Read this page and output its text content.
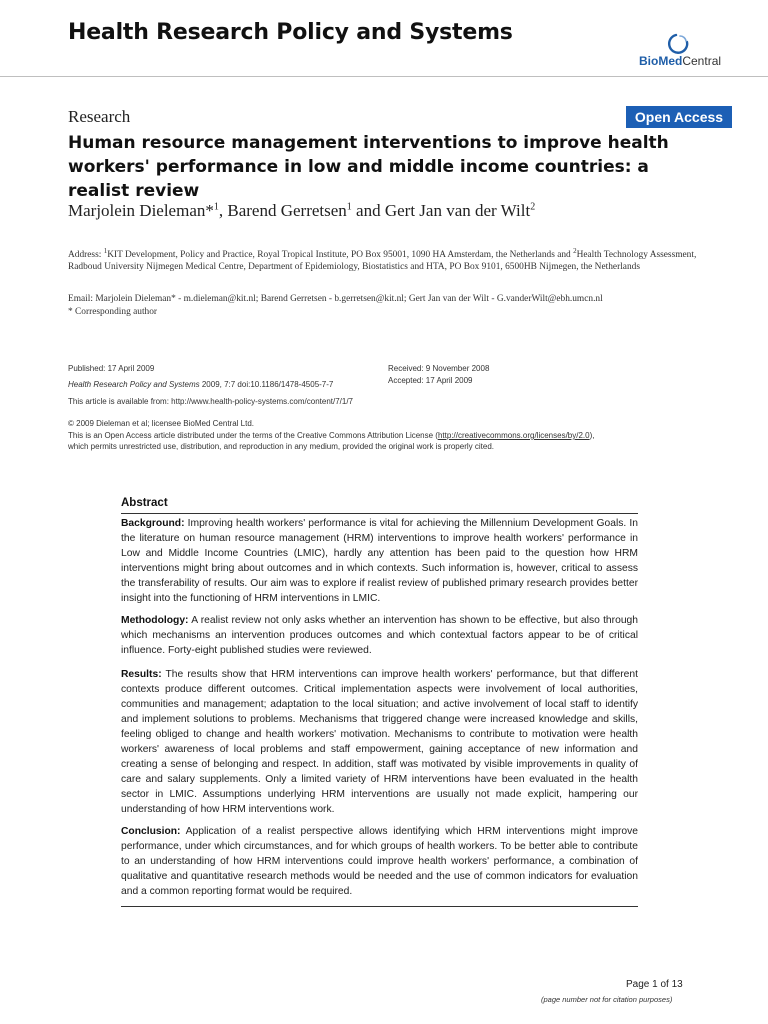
Health Research Policy and Systems
BioMedCentral
Research	Open Access
Human resource management interventions to improve health workers' performance in low and middle income countries: a realist review
Marjolein Dieleman*$^1$, Barend Gerretsen$^1$ and Gert Jan van der Wilt$^2$
Address: $^1$KIT Development, Policy and Practice, Royal Tropical Institute, PO Box 95001, 1090 HA Amsterdam, the Netherlands and $^2$Health Technology Assessment, Radboud University Nijmegen Medical Centre, Department of Epidemiology, Biostatistics and HTA, PO Box 9101, 6500HB Nijmegen, the Netherlands
Email: Marjolein Dieleman* - m.dieleman@kit.nl; Barend Gerretsen - b.gerretsen@kit.nl; Gert Jan van der Wilt - G.vanderWilt@ebh.umcn.nl
* Corresponding author
Published: 17 April 2009
Health Research Policy and Systems 2009, 7:7 doi:10.1186/1478-4505-7-7
Received: 9 November 2008
Accepted: 17 April 2009
This article is available from: http://www.health-policy-systems.com/content/7/1/7
© 2009 Dieleman et al; licensee BioMed Central Ltd.
This is an Open Access article distributed under the terms of the Creative Commons Attribution License (http://creativecommons.org/licenses/by/2.0),
which permits unrestricted use, distribution, and reproduction in any medium, provided the original work is properly cited.
Abstract
Background: Improving health workers' performance is vital for achieving the Millennium Development Goals. In the literature on human resource management (HRM) interventions to improve health workers' performance in Low and Middle Income Countries (LMIC), hardly any attention has been paid to the question how HRM interventions might bring about outcomes and in which contexts. Such information is, however, critical to assess the transferability of results. Our aim was to explore if realist review of published primary research provides better insight into the functioning of HRM interventions in LMIC.
Methodology: A realist review not only asks whether an intervention has shown to be effective, but also through which mechanisms an intervention produces outcomes and which contextual factors appear to be of critical influence. Forty-eight published studies were reviewed.
Results: The results show that HRM interventions can improve health workers' performance, but that different contexts produce different outcomes. Critical implementation aspects were involvement of local authorities, communities and management; adaptation to the local situation; and active involvement of local staff to identify and implement solutions to problems. Mechanisms that triggered change were increased knowledge and skills, feeling obliged to change and health workers' motivation. Mechanisms to contribute to motivation were health workers' awareness of local problems and staff empowerment, gaining acceptance of new information and creating a sense of belonging and respect. In addition, staff was motivated by visible improvements in quality of care and salary supplements. Only a limited variety of HRM interventions have been evaluated in the health sector in LMIC. Assumptions underlying HRM interventions are usually not made explicit, hampering our understanding of how HRM interventions work.
Conclusion: Application of a realist perspective allows identifying which HRM interventions might improve performance, under which circumstances, and for which groups of health workers. To be better able to contribute to an understanding of how HRM interventions could improve health workers' performance, a combination of qualitative and quantitative research methods would be needed and the use of common indicators for evaluation and a common reporting format would be required.
Page 1 of 13
(page number not for citation purposes)
